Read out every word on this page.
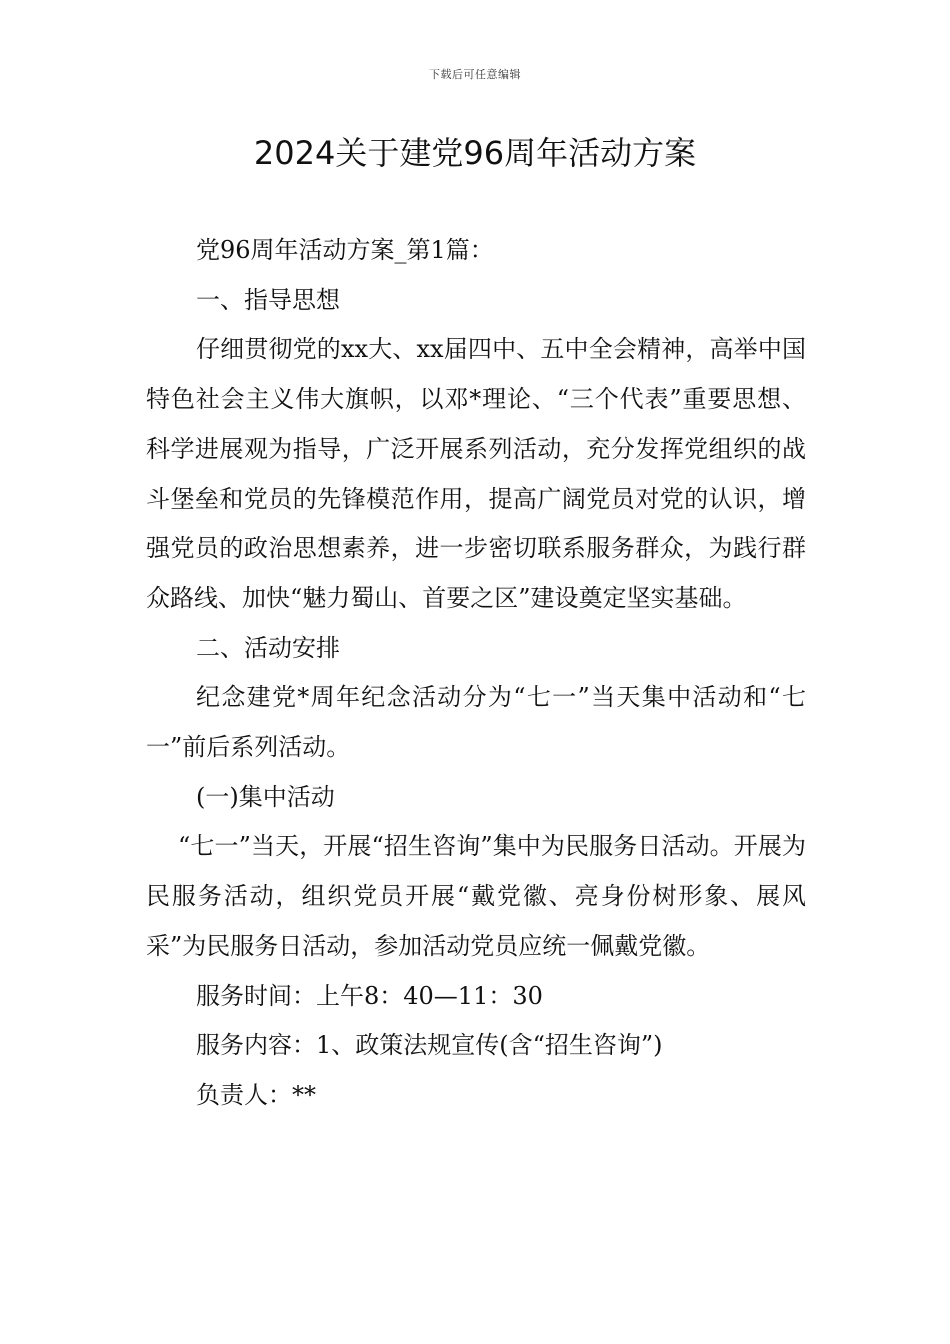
下载后可任意编辑
2024关于建党96周年活动方案

党96周年活动方案_第1篇：

一、指导思想

仔细贯彻党的xx大、xx届四中、五中全会精神，高举中国特色社会主义伟大旗帜，以邓*理论、“三个代表”重要思想、科学进展观为指导，广泛开展系列活动，充分发挥党组织的战斗堡垒和党员的先锋模范作用，提高广阔党员对党的认识，增强党员的政治思想素养，进一步密切联系服务群众，为践行群众路线、加快“魅力蜀山、首要之区”建设奠定坚实基础。

二、活动安排

纪念建党*周年纪念活动分为“七一”当天集中活动和“七一”前后系列活动。

(一)集中活动

“七一”当天，开展“招生咨询”集中为民服务日活动。开展为民服务活动，组织党员开展“戴党徽、亮身份树形象、展风采”为民服务日活动，参加活动党员应统一佩戴党徽。

服务时间：上午8：40—11：30

服务内容：1、政策法规宣传(含“招生咨询”)

负责人：**
